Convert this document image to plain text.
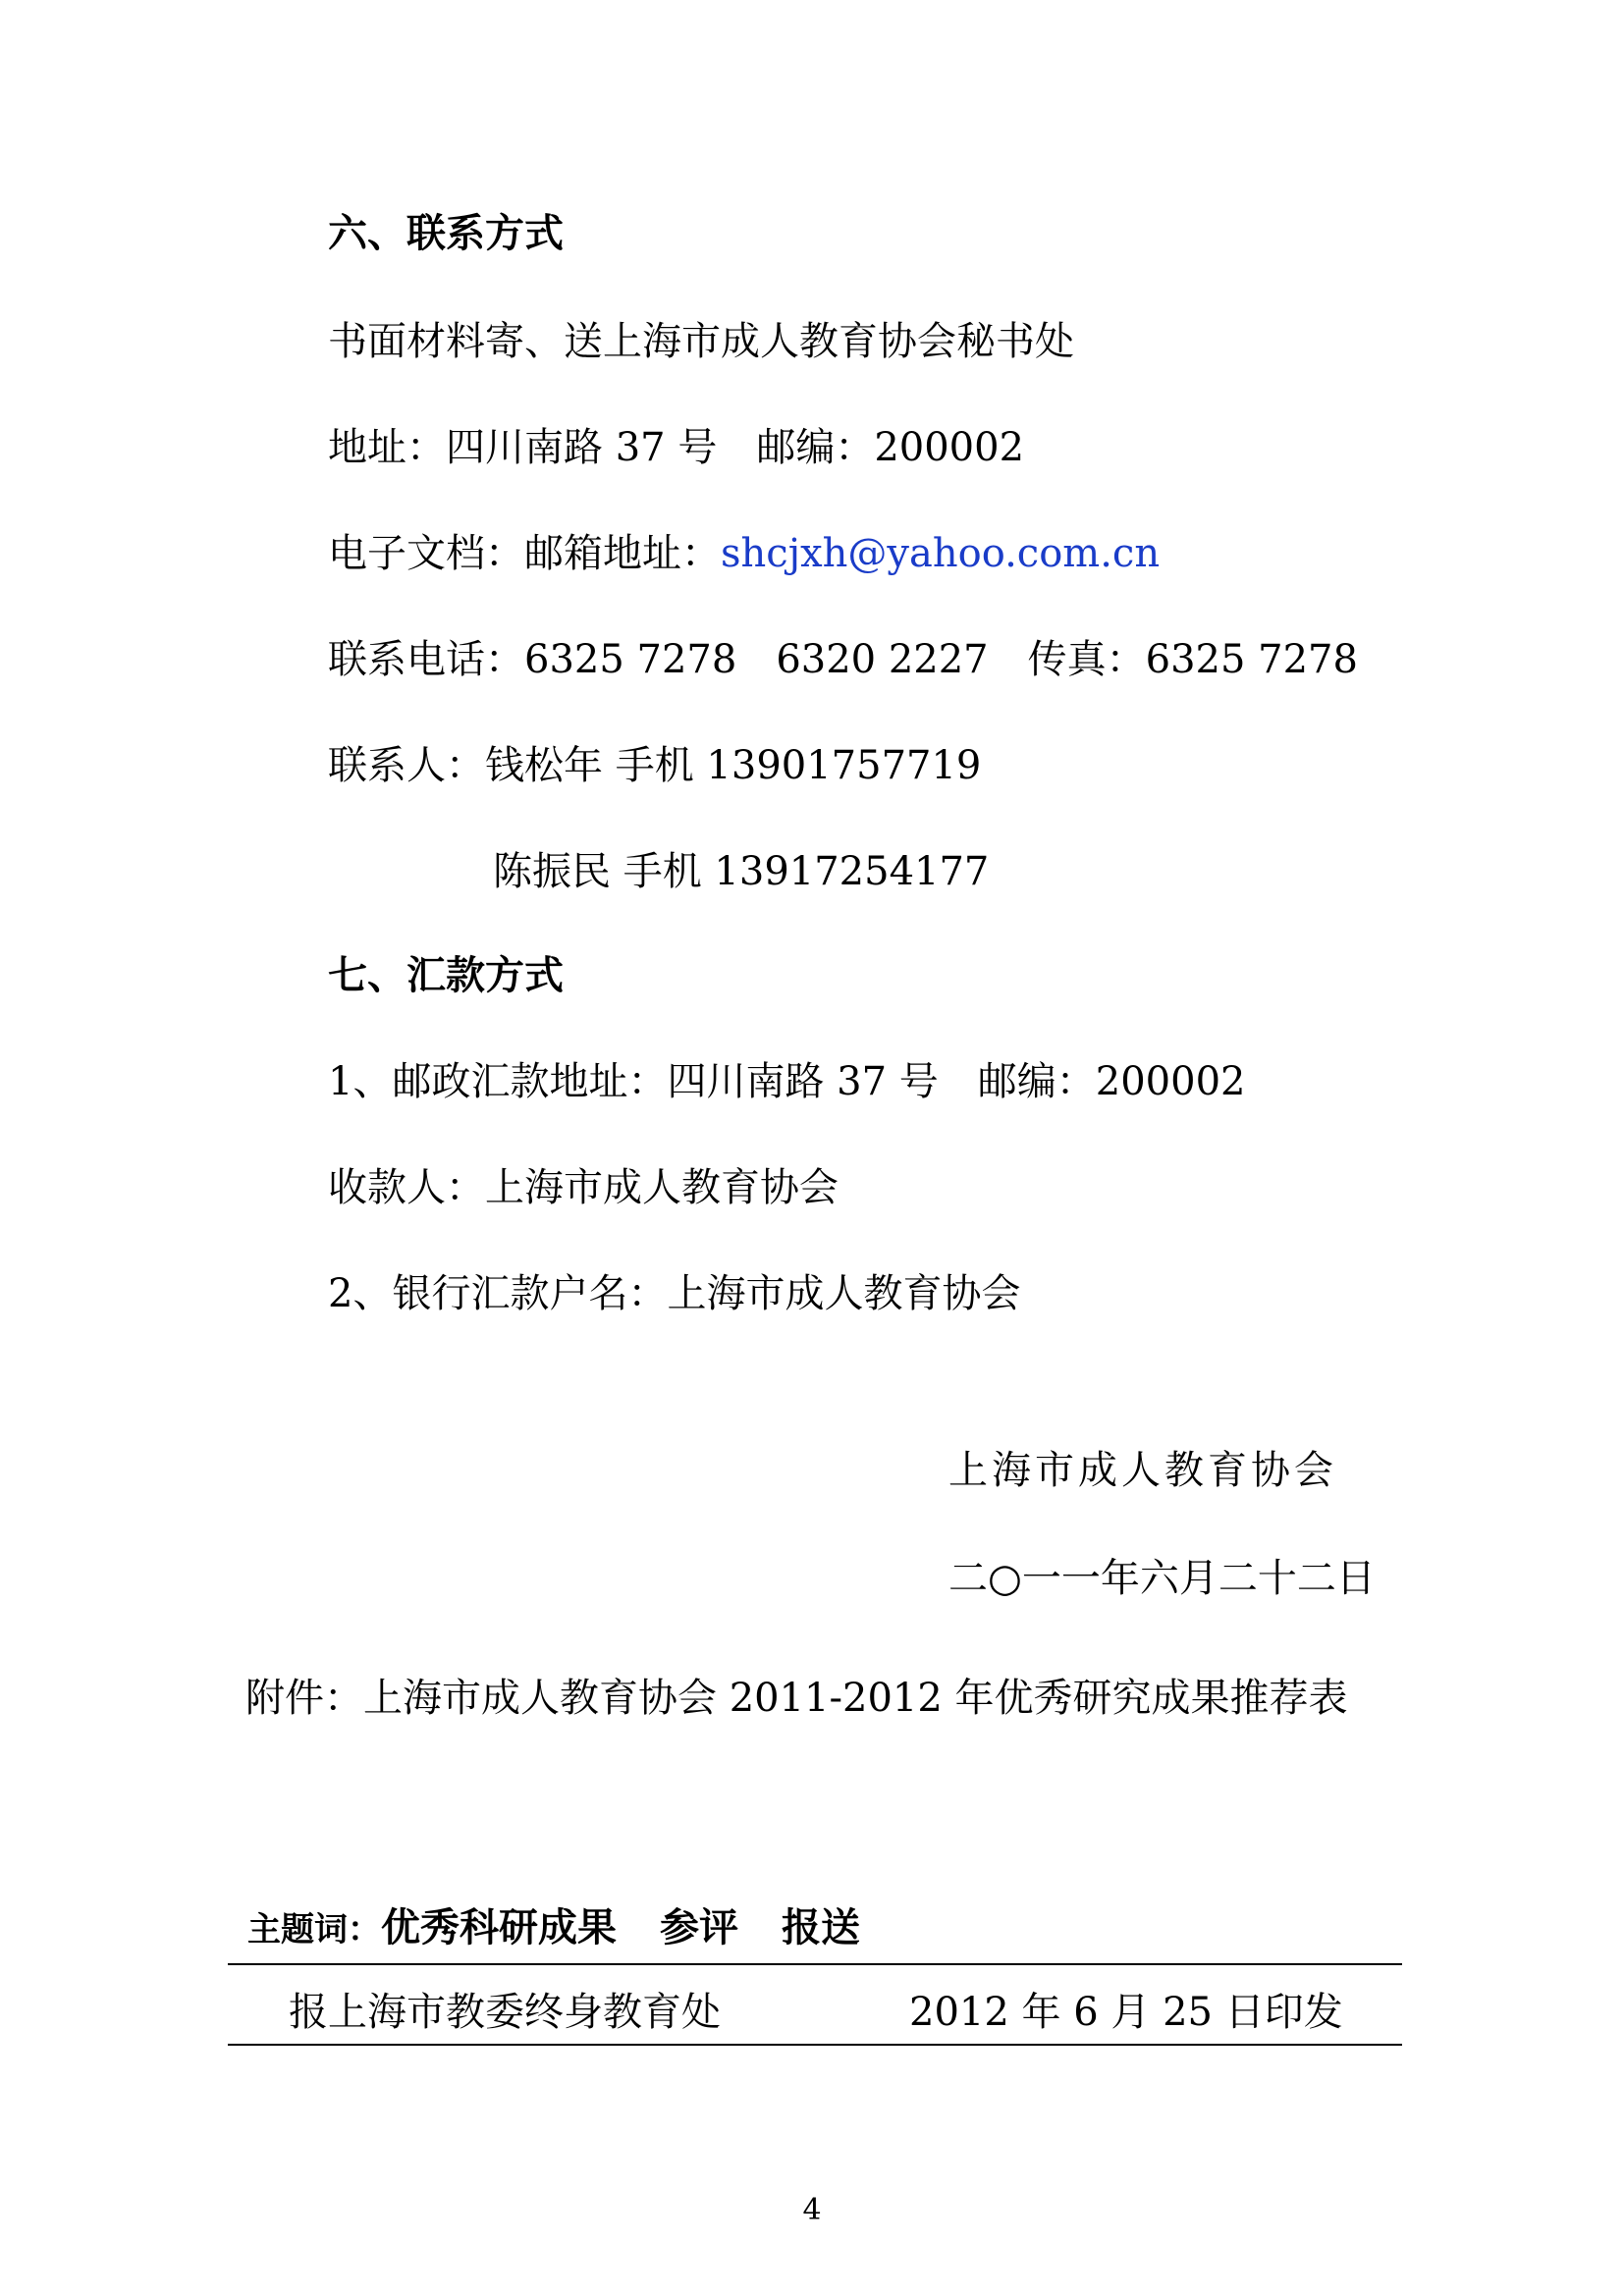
六、联系方式
书面材料寄、送上海市成人教育协会秘书处
地址：四川南路 37 号 邮编：200002
电子文档：邮箱地址：shcjxh@yahoo.com.cn
联系电话：6325 7278 6320 2227 传真：6325 7278
联系人：钱松年 手机 13901757719
陈振民 手机 13917254177
七、汇款方式
1、邮政汇款地址：四川南路 37 号 邮编：200002
收款人：上海市成人教育协会
2、银行汇款户名：上海市成人教育协会
上海市成人教育协会
二○一一年六月二十二日
附件：上海市成人教育协会 2011-2012 年优秀研究成果推荐表
主题词：优秀科研成果 参评 报送
报上海市教委终身教育处	2012 年 6 月 25 日印发
4
